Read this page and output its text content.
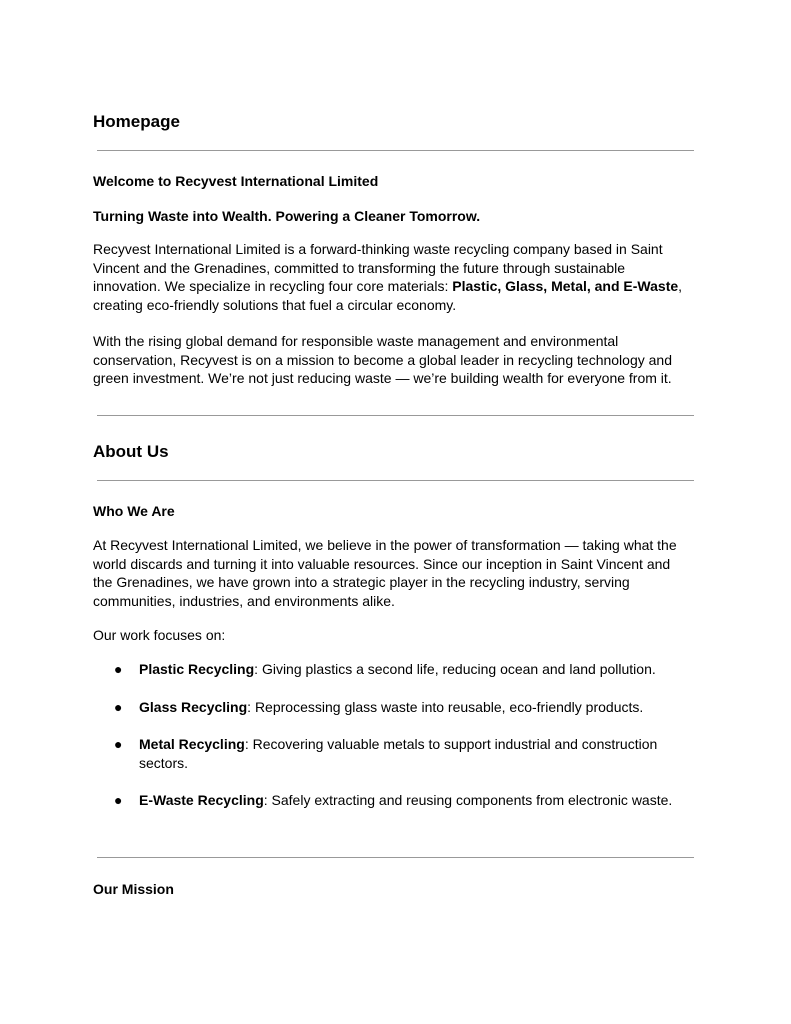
Homepage
Welcome to Recyvest International Limited
Turning Waste into Wealth. Powering a Cleaner Tomorrow.

Recyvest International Limited is a forward-thinking waste recycling company based in Saint Vincent and the Grenadines, committed to transforming the future through sustainable innovation. We specialize in recycling four core materials: Plastic, Glass, Metal, and E-Waste, creating eco-friendly solutions that fuel a circular economy.

With the rising global demand for responsible waste management and environmental conservation, Recyvest is on a mission to become a global leader in recycling technology and green investment. We’re not just reducing waste — we’re building wealth for everyone from it.

About Us
Who We Are

At Recyvest International Limited, we believe in the power of transformation — taking what the world discards and turning it into valuable resources. Since our inception in Saint Vincent and the Grenadines, we have grown into a strategic player in the recycling industry, serving communities, industries, and environments alike.

Our work focuses on:

● Plastic Recycling: Giving plastics a second life, reducing ocean and land pollution.
● Glass Recycling: Reprocessing glass waste into reusable, eco-friendly products.
● Metal Recycling: Recovering valuable metals to support industrial and construction sectors.
● E-Waste Recycling: Safely extracting and reusing components from electronic waste.
Our Mission
